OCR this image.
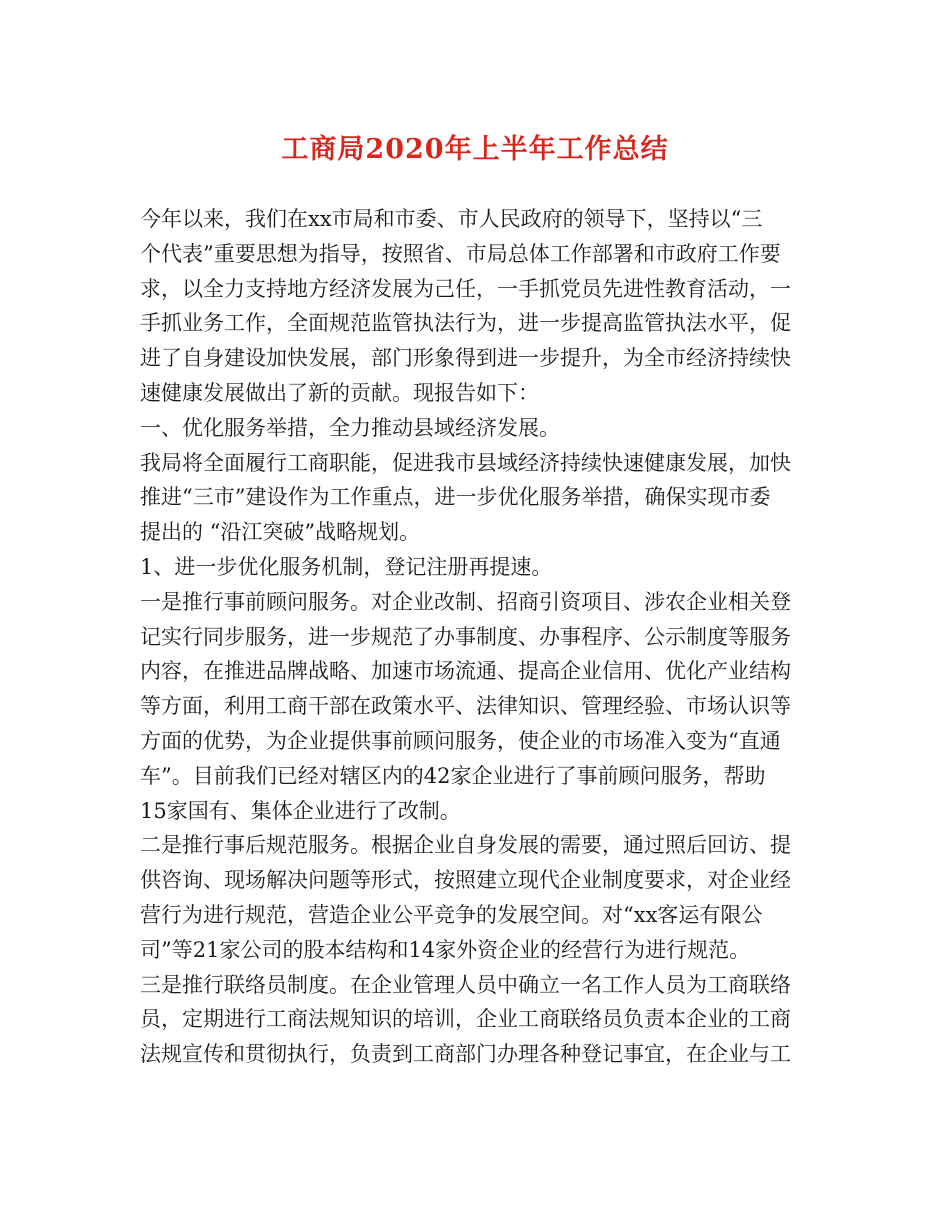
工商局2020年上半年工作总结
今年以来，我们在xx市局和市委、市人民政府的领导下，坚持以“三
个代表”重要思想为指导，按照省、市局总体工作部署和市政府工作要
求，以全力支持地方经济发展为己任，一手抓党员先进性教育活动，一
手抓业务工作，全面规范监管执法行为，进一步提高监管执法水平，促
进了自身建设加快发展，部门形象得到进一步提升，为全市经济持续快
速健康发展做出了新的贡献。现报告如下：
一、优化服务举措，全力推动县域经济发展。
我局将全面履行工商职能，促进我市县域经济持续快速健康发展，加快
推进“三市”建设作为工作重点，进一步优化服务举措，确保实现市委
提出的 “沿江突破”战略规划。
1、进一步优化服务机制，登记注册再提速。
一是推行事前顾问服务。对企业改制、招商引资项目、涉农企业相关登
记实行同步服务，进一步规范了办事制度、办事程序、公示制度等服务
内容，在推进品牌战略、加速市场流通、提高企业信用、优化产业结构
等方面，利用工商干部在政策水平、法律知识、管理经验、市场认识等
方面的优势，为企业提供事前顾问服务，使企业的市场准入变为“直通
车”。目前我们已经对辖区内的42家企业进行了事前顾问服务，帮助
15家国有、集体企业进行了改制。
二是推行事后规范服务。根据企业自身发展的需要，通过照后回访、提
供咨询、现场解决问题等形式，按照建立现代企业制度要求，对企业经
营行为进行规范，营造企业公平竞争的发展空间。对“xx客运有限公
司”等21家公司的股本结构和14家外资企业的经营行为进行规范。
三是推行联络员制度。在企业管理人员中确立一名工作人员为工商联络
员，定期进行工商法规知识的培训，企业工商联络员负责本企业的工商
法规宣传和贯彻执行，负责到工商部门办理各种登记事宜，在企业与工
